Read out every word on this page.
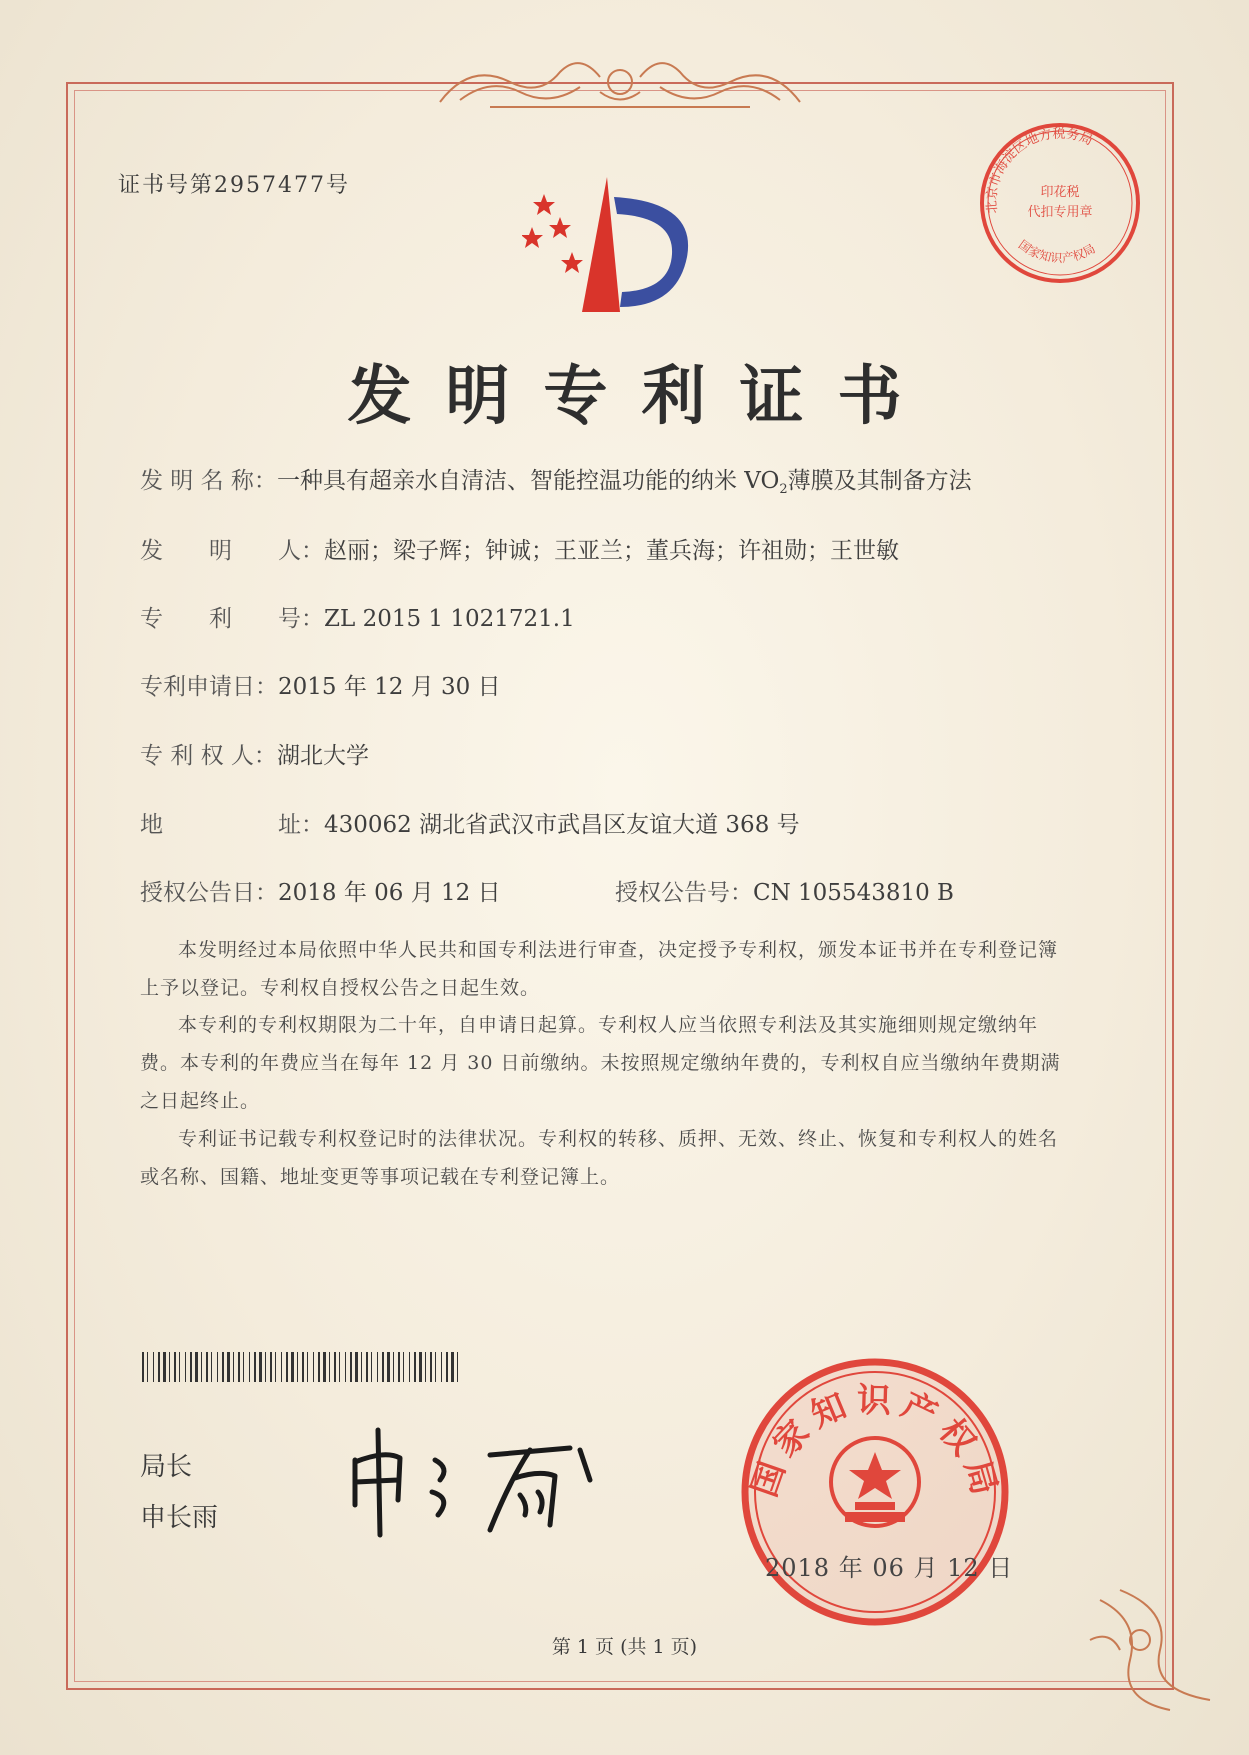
证书号第2957477号
发明专利证书
发 明 名 称：一种具有超亲水自清洁、智能控温功能的纳米 $VO_2$薄膜及其制备方法
发　　明　　人：赵丽；梁子辉；钟诚；王亚兰；董兵海；许祖勋；王世敏
专　　利　　号：ZL 2015 1 1021721.1
专利申请日：2015 年 12 月 30 日
专 利 权 人：湖北大学
地　　　　　址：430062 湖北省武汉市武昌区友谊大道 368 号
授权公告日：2018 年 06 月 12 日	授权公告号：CN 105543810 B
本发明经过本局依照中华人民共和国专利法进行审查，决定授予专利权，颁发本证书并在专利登记簿上予以登记。专利权自授权公告之日起生效。
本专利的专利权期限为二十年，自申请日起算。专利权人应当依照专利法及其实施细则规定缴纳年费。本专利的年费应当在每年 12 月 30 日前缴纳。未按照规定缴纳年费的，专利权自应当缴纳年费期满之日起终止。
专利证书记载专利权登记时的法律状况。专利权的转移、质押、无效、终止、恢复和专利权人的姓名或名称、国籍、地址变更等事项记载在专利登记簿上。
局长
申长雨
国家知识产权局
2018 年 06 月 12 日
北京市海淀区地方税务局
印花税
代扣专用章
国家知识产权局
第 1 页 (共 1 页)
